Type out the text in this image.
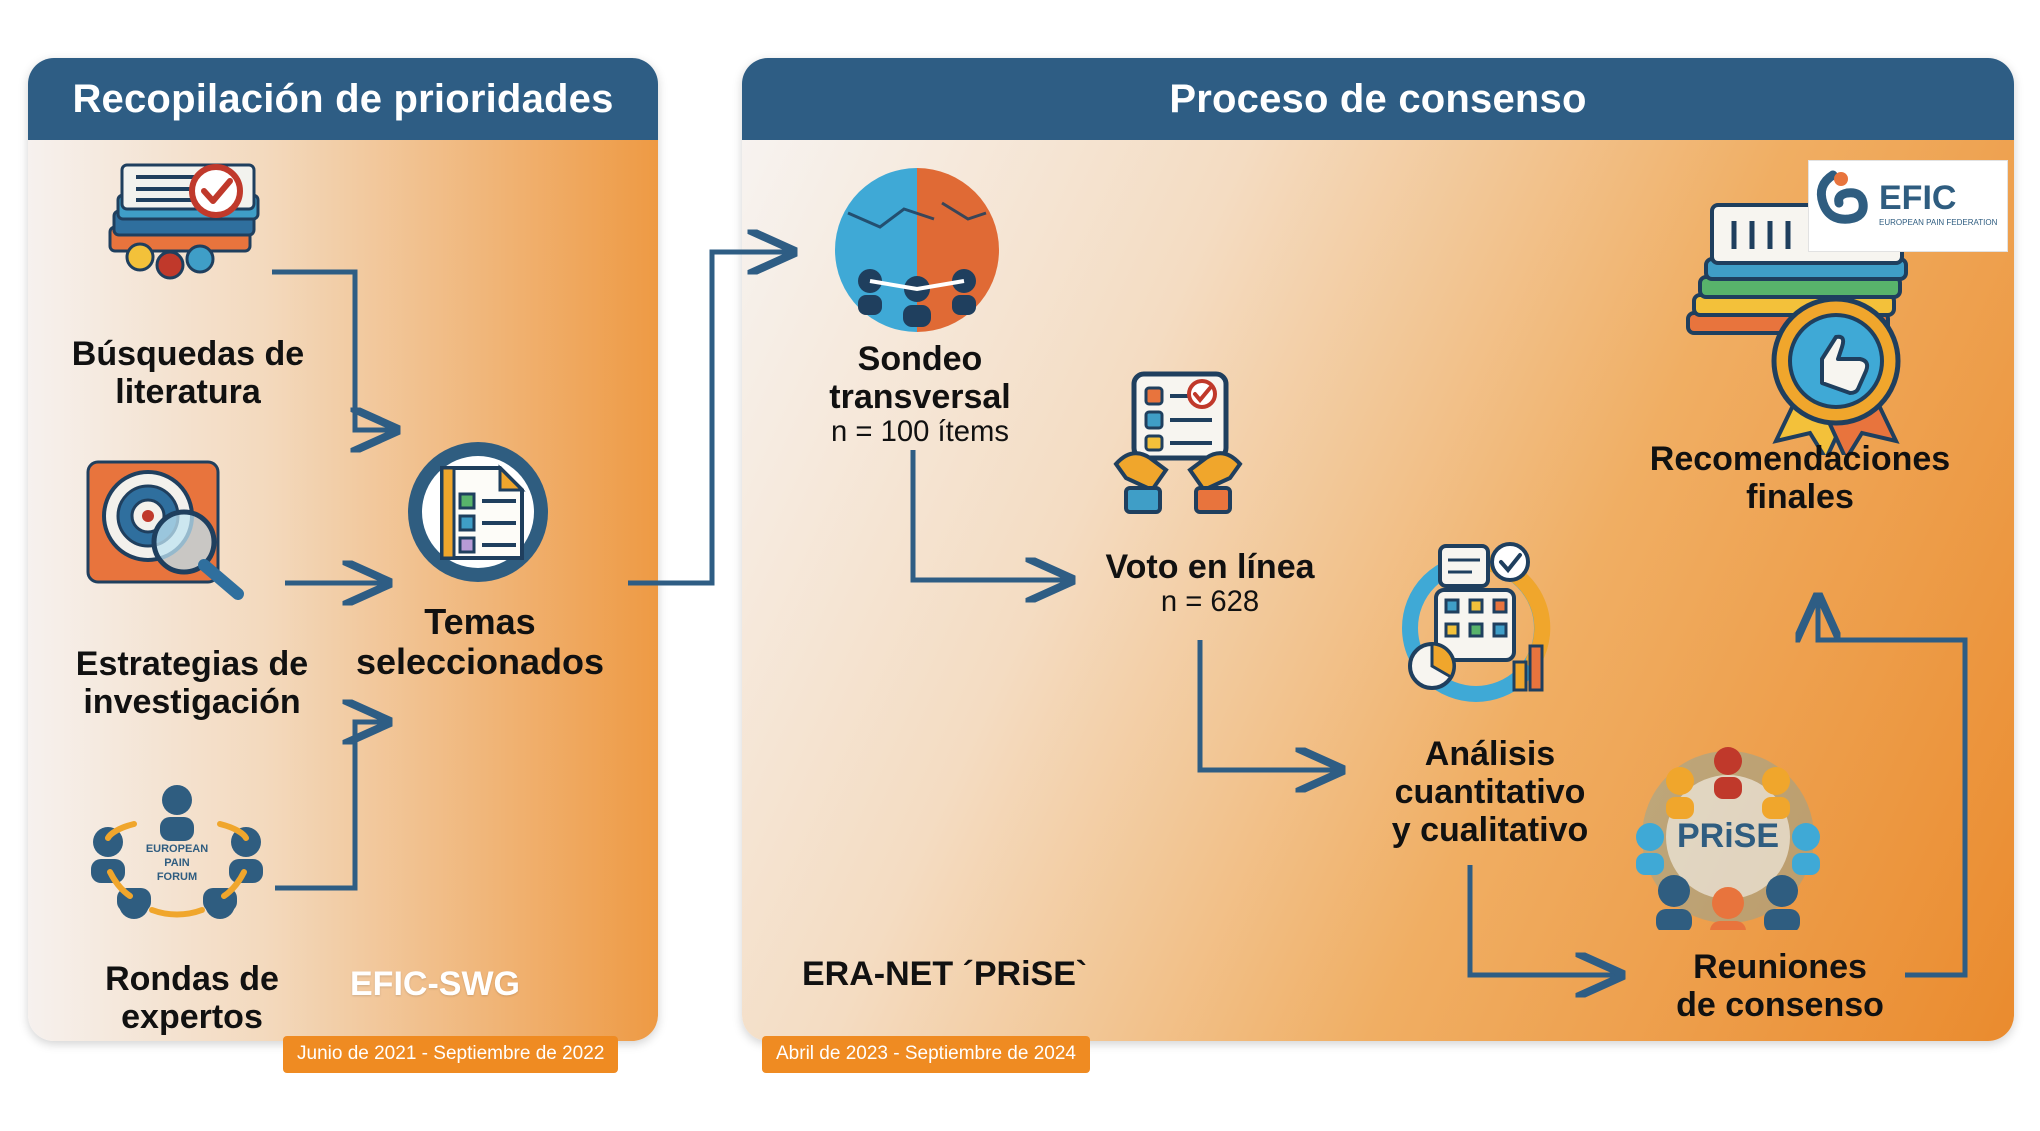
Recopilación de prioridades	Proceso de consenso
Búsquedas de
literatura
Estrategias de
investigación
EUROPEAN
PAIN
FORUM
Rondas de
expertos
Temas
seleccionados
EFIC-SWG
Junio de 2021 - Septiembre de 2022
Sondeo
transversal
n = 100 ítems
Voto en línea
n = 628
Análisis
cuantitativo
y cualitativo	PRiSE
Reuniones
de consenso
Recomendaciones
finales
EFIC
EUROPEAN PAIN FEDERATION
ERA-NET ´PRiSE`
Abril de 2023 - Septiembre de 2024
